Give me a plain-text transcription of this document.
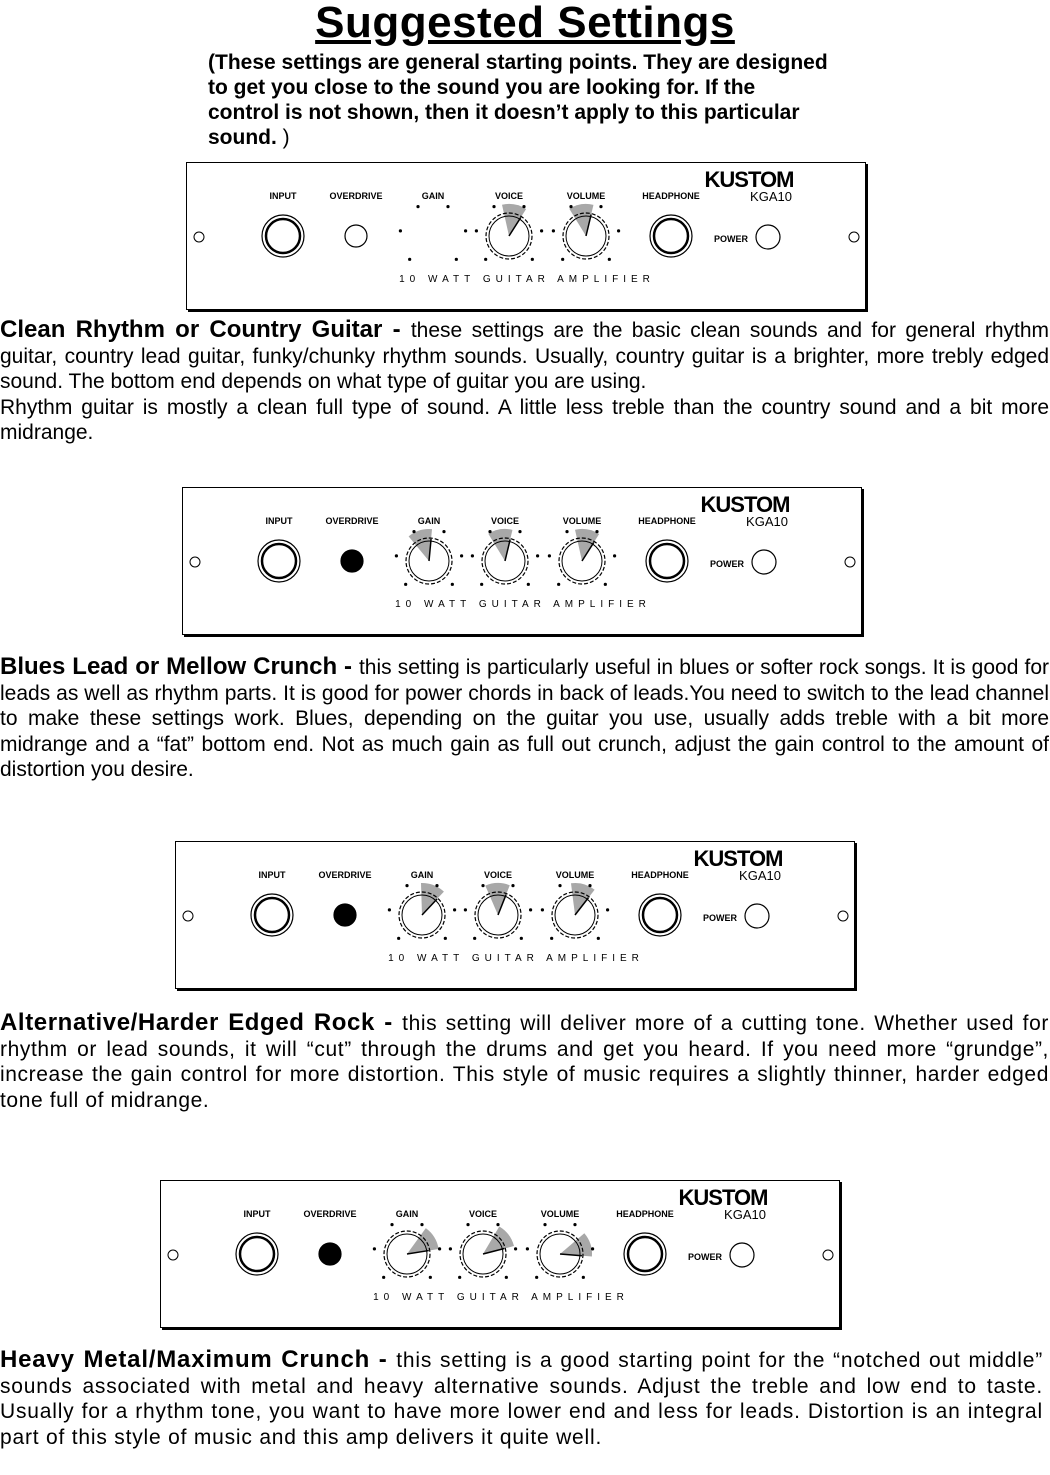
Suggested Settings
(These settings are general starting points. They are designed to get you close to the sound you are looking for. If the control is not shown, then it doesn’t apply to this particular sound. )
INPUT	OVERDRIVE	GAIN	VOICE	VOLUME	HEADPHONE
KUSTOM
KGA10
POWER
10 WATT GUITAR AMPLIFIER
Clean Rhythm or Country Guitar - these settings are the basic clean sounds and for general rhythm guitar, country lead guitar, funky/chunky rhythm sounds. Usually, country guitar is a brighter, more trebly edged sound. The bottom end depends on what type of guitar you are using.
Rhythm guitar is mostly a clean full type of sound. A little less treble than the country sound and a bit more midrange.
INPUT	OVERDRIVE	GAIN	VOICE	VOLUME	HEADPHONE
KUSTOM
KGA10
POWER
10 WATT GUITAR AMPLIFIER
Blues Lead or Mellow Crunch - this setting is particularly useful in blues or softer rock songs. It is good for leads as well as rhythm parts. It is good for power chords in back of leads.You need to switch to the lead channel to make these settings work. Blues, depending on the guitar you use, usually adds treble with a bit more midrange and a “fat” bottom end. Not as much gain as full out crunch, adjust the gain control to the amount of distortion you desire.
INPUT	OVERDRIVE	GAIN	VOICE	VOLUME	HEADPHONE
KUSTOM
KGA10
POWER
10 WATT GUITAR AMPLIFIER
Alternative/Harder Edged Rock - this setting will deliver more of a cutting tone. Whether used for rhythm or lead sounds, it will “cut” through the drums and get you heard. If you need more “grundge”, increase the gain control for more distortion. This style of music requires a slightly thinner, harder edged tone full of midrange.
INPUT	OVERDRIVE	GAIN	VOICE	VOLUME	HEADPHONE
KUSTOM
KGA10
POWER
10 WATT GUITAR AMPLIFIER
Heavy Metal/Maximum Crunch - this setting is a good starting point for the “notched out middle” sounds associated with metal and heavy alternative sounds. Adjust the treble and low end to taste. Usually for a rhythm tone, you want to have more lower end and less for leads. Distortion is an integral part of this style of music and this amp delivers it quite well.
